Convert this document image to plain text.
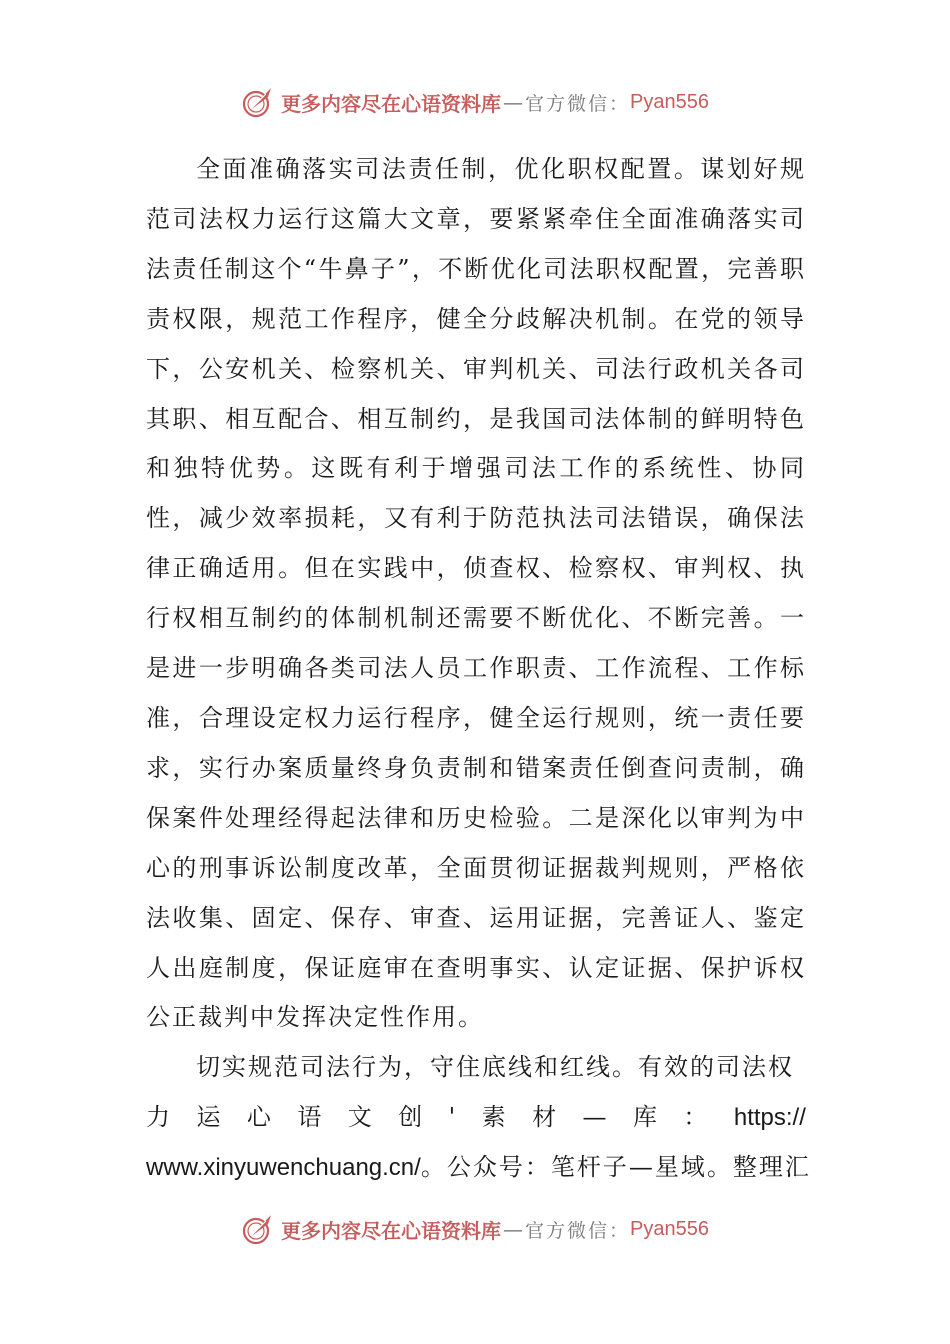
更多内容尽在心语资料库 — 官方微信： Pyan556

全面准确落实司法责任制，优化职权配置。谋划好规范司法权力运行这篇大文章，要紧紧牵住全面准确落实司法责任制这个“牛鼻子”，不断优化司法职权配置，完善职责权限，规范工作程序，健全分歧解决机制。在党的领导下，公安机关、检察机关、审判机关、司法行政机关各司其职、相互配合、相互制约，是我国司法体制的鲜明特色和独特优势。这既有利于增强司法工作的系统性、协同性，减少效率损耗，又有利于防范执法司法错误，确保法律正确适用。但在实践中，侦查权、检察权、审判权、执行权相互制约的体制机制还需要不断优化、不断完善。一是进一步明确各类司法人员工作职责、工作流程、工作标准，合理设定权力运行程序，健全运行规则，统一责任要求，实行办案质量终身负责制和错案责任倒查问责制，确保案件处理经得起法律和历史检验。二是深化以审判为中心的刑事诉讼制度改革，全面贯彻证据裁判规则，严格依法收集、固定、保存、审查、运用证据，完善证人、鉴定人出庭制度，保证庭审在查明事实、认定证据、保护诉权公正裁判中发挥决定性作用。

切实规范司法行为，守住底线和红线。有效的司法权

力 运 心 语 文 创 ' 素 材 — 库 ： https://
www.xinyuwenchuang.cn/。公众号：笔杆子—星域。整理汇
更多内容尽在心语资料库 — 官方微信： Pyan556
